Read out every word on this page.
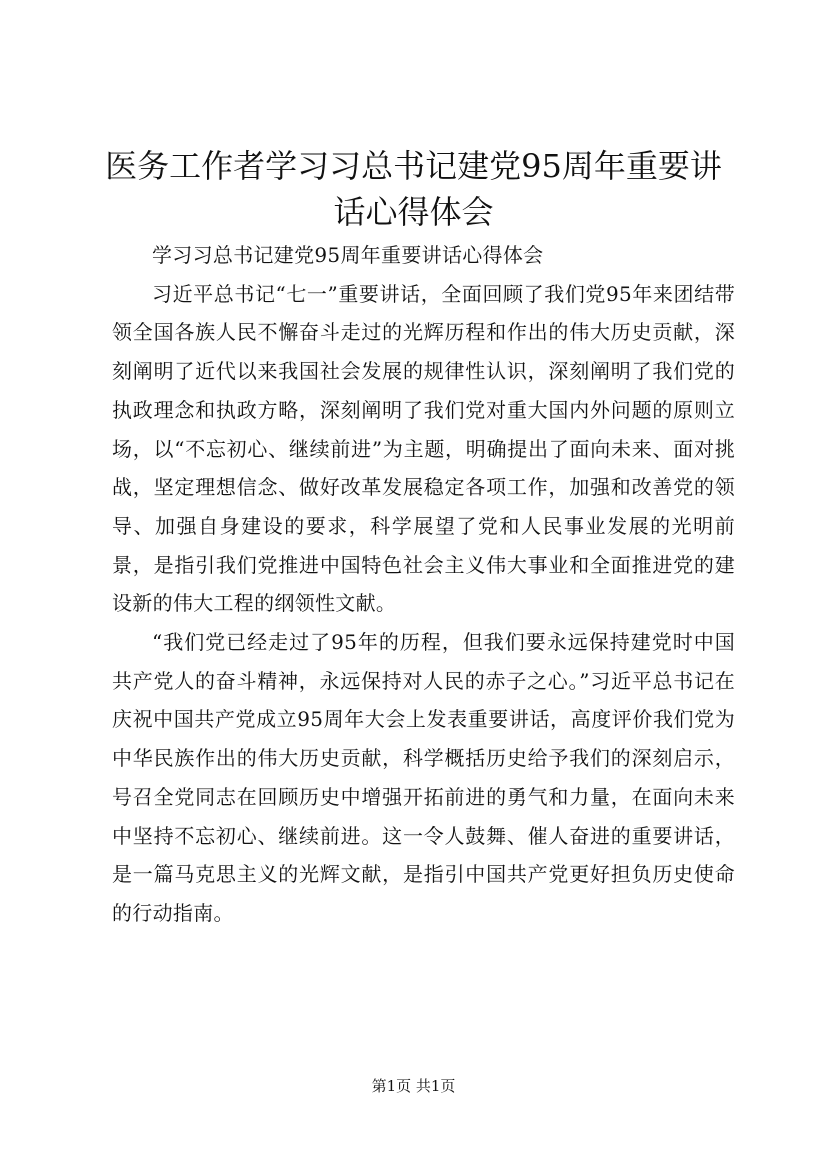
医务工作者学习习总书记建党95周年重要讲话心得体会

学习习总书记建党95周年重要讲话心得体会

习近平总书记“七一”重要讲话，全面回顾了我们党95年来团结带领全国各族人民不懈奋斗走过的光辉历程和作出的伟大历史贡献，深刻阐明了近代以来我国社会发展的规律性认识，深刻阐明了我们党的执政理念和执政方略，深刻阐明了我们党对重大国内外问题的原则立场，以“不忘初心、继续前进”为主题，明确提出了面向未来、面对挑战，坚定理想信念、做好改革发展稳定各项工作，加强和改善党的领导、加强自身建设的要求，科学展望了党和人民事业发展的光明前景，是指引我们党推进中国特色社会主义伟大事业和全面推进党的建设新的伟大工程的纲领性文献。

“我们党已经走过了95年的历程，但我们要永远保持建党时中国共产党人的奋斗精神，永远保持对人民的赤子之心。”习近平总书记在庆祝中国共产党成立95周年大会上发表重要讲话，高度评价我们党为中华民族作出的伟大历史贡献，科学概括历史给予我们的深刻启示，号召全党同志在回顾历史中增强开拓前进的勇气和力量，在面向未来中坚持不忘初心、继续前进。这一令人鼓舞、催人奋进的重要讲话，是一篇马克思主义的光辉文献，是指引中国共产党更好担负历史使命的行动指南。

第1页 共1页
